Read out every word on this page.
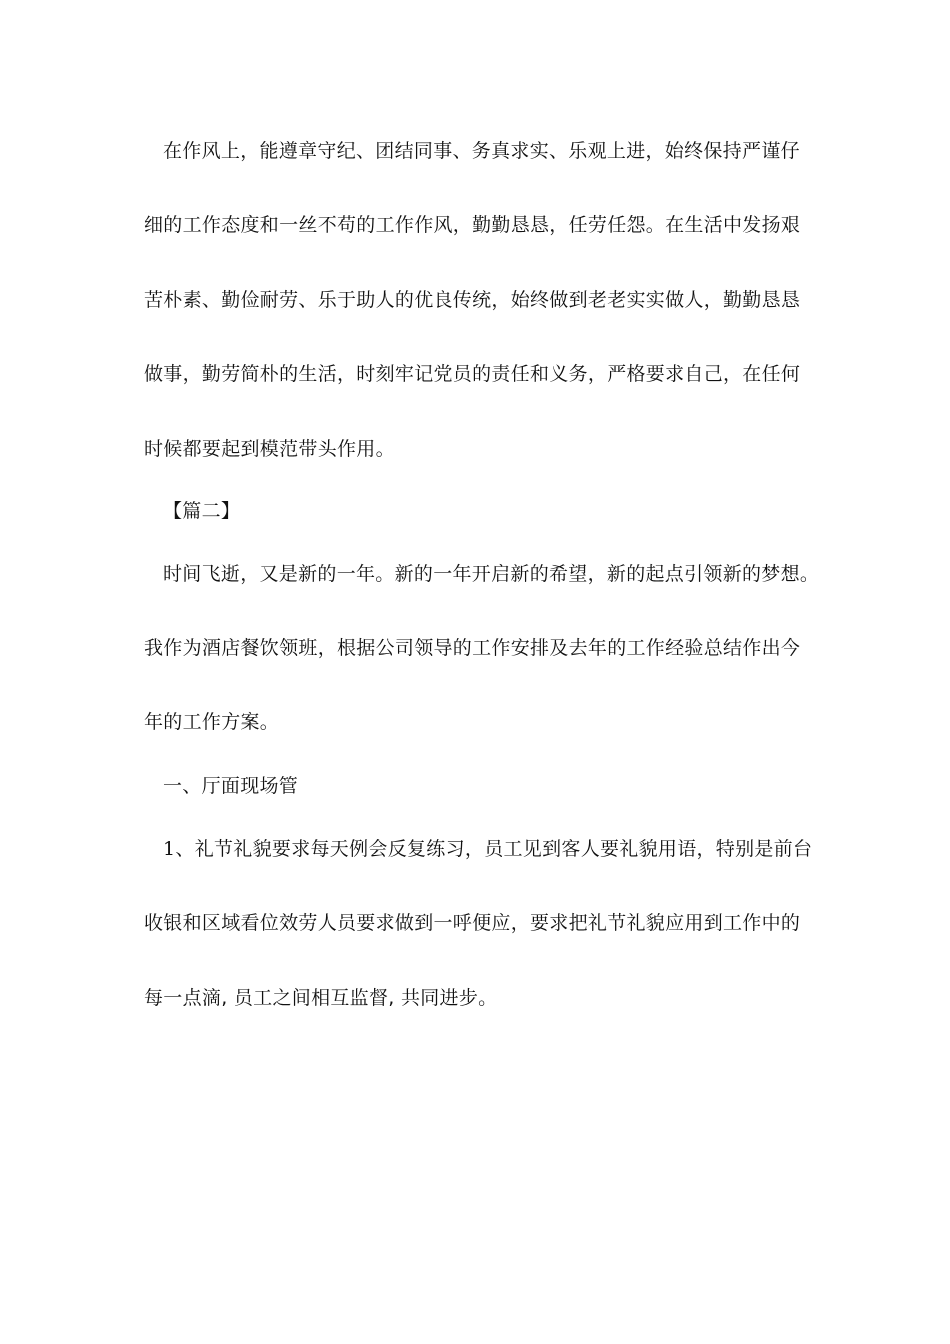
在作风上，能遵章守纪、团结同事、务真求实、乐观上进，始终保持严谨仔
细的工作态度和一丝不苟的工作作风，勤勤恳恳，任劳任怨。在生活中发扬艰
苦朴素、勤俭耐劳、乐于助人的优良传统，始终做到老老实实做人，勤勤恳恳
做事，勤劳简朴的生活，时刻牢记党员的责任和义务，严格要求自己，在任何
时候都要起到模范带头作用。
【篇二】
时间飞逝，又是新的一年。新的一年开启新的希望，新的起点引领新的梦想。
我作为酒店餐饮领班，根据公司领导的工作安排及去年的工作经验总结作出今
年的工作方案。
一、厅面现场管
1、礼节礼貌要求每天例会反复练习，员工见到客人要礼貌用语，特别是前台
收银和区域看位效劳人员要求做到一呼便应，要求把礼节礼貌应用到工作中的
每一点滴, 员工之间相互监督, 共同进步。
